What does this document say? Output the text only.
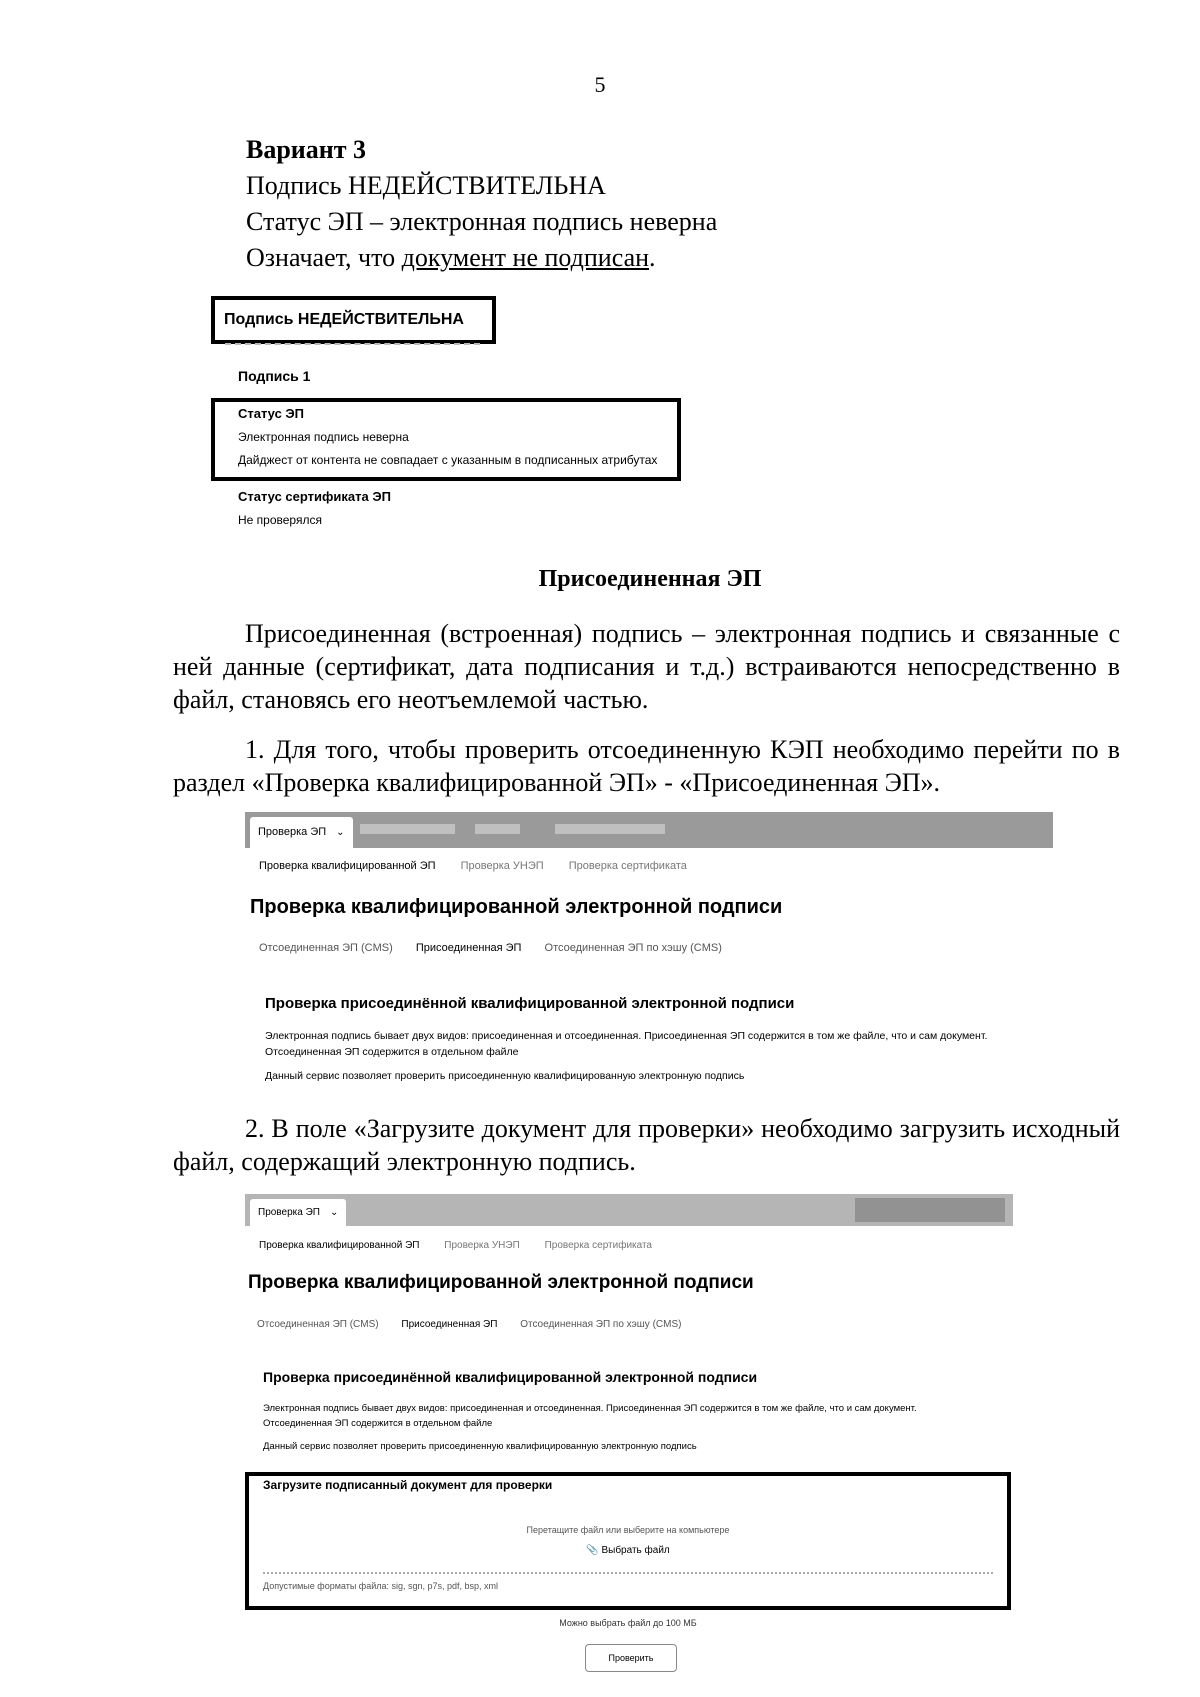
5
Вариант 3
Подпись НЕДЕЙСТВИТЕЛЬНА
Статус ЭП – электронная подпись неверна
Означает, что документ не подписан.
Подпись НЕДЕЙСТВИТЕЛЬНА
Подпись 1
Статус ЭП
Электронная подпись неверна
Дайджест от контента не совпадает с указанным в подписанных атрибутах
Статус сертификата ЭП
Не проверялся
Присоединенная ЭП
Присоединенная (встроенная) подпись – электронная подпись и связанные с ней данные (сертификат, дата подписания и т.д.) встраиваются непосредственно в файл, становясь его неотъемлемой частью.
1. Для того, чтобы проверить отсоединенную КЭП необходимо перейти по в раздел «Проверка квалифицированной ЭП» - «Присоединенная ЭП».
Проверка ЭП ⌄
Проверка квалифицированной ЭП Проверка УНЭП Проверка сертификата
Проверка квалифицированной электронной подписи
Отсоединенная ЭП (CMS) Присоединенная ЭП Отсоединенная ЭП по хэшу (CMS)
Проверка присоединённой квалифицированной электронной подписи
Электронная подпись бывает двух видов: присоединенная и отсоединенная. Присоединенная ЭП содержится в том же файле, что и сам документ.
Отсоединенная ЭП содержится в отдельном файле
Данный сервис позволяет проверить присоединенную квалифицированную электронную подпись
2. В поле «Загрузите документ для проверки» необходимо загрузить исходный файл, содержащий электронную подпись.
Проверка ЭП ⌄
Проверка квалифицированной ЭП Проверка УНЭП Проверка сертификата
Проверка квалифицированной электронной подписи
Отсоединенная ЭП (CMS) Присоединенная ЭП Отсоединенная ЭП по хэшу (CMS)
Проверка присоединённой квалифицированной электронной подписи
Электронная подпись бывает двух видов: присоединенная и отсоединенная. Присоединенная ЭП содержится в том же файле, что и сам документ.
Отсоединенная ЭП содержится в отдельном файле
Данный сервис позволяет проверить присоединенную квалифицированную электронную подпись
Загрузите подписанный документ для проверки
Перетащите файл или выберите на компьютере
📎 Выбрать файл
Допустимые форматы файла: sig, sgn, p7s, pdf, bsp, xml
Можно выбрать файл до 100 МБ
Проверить
